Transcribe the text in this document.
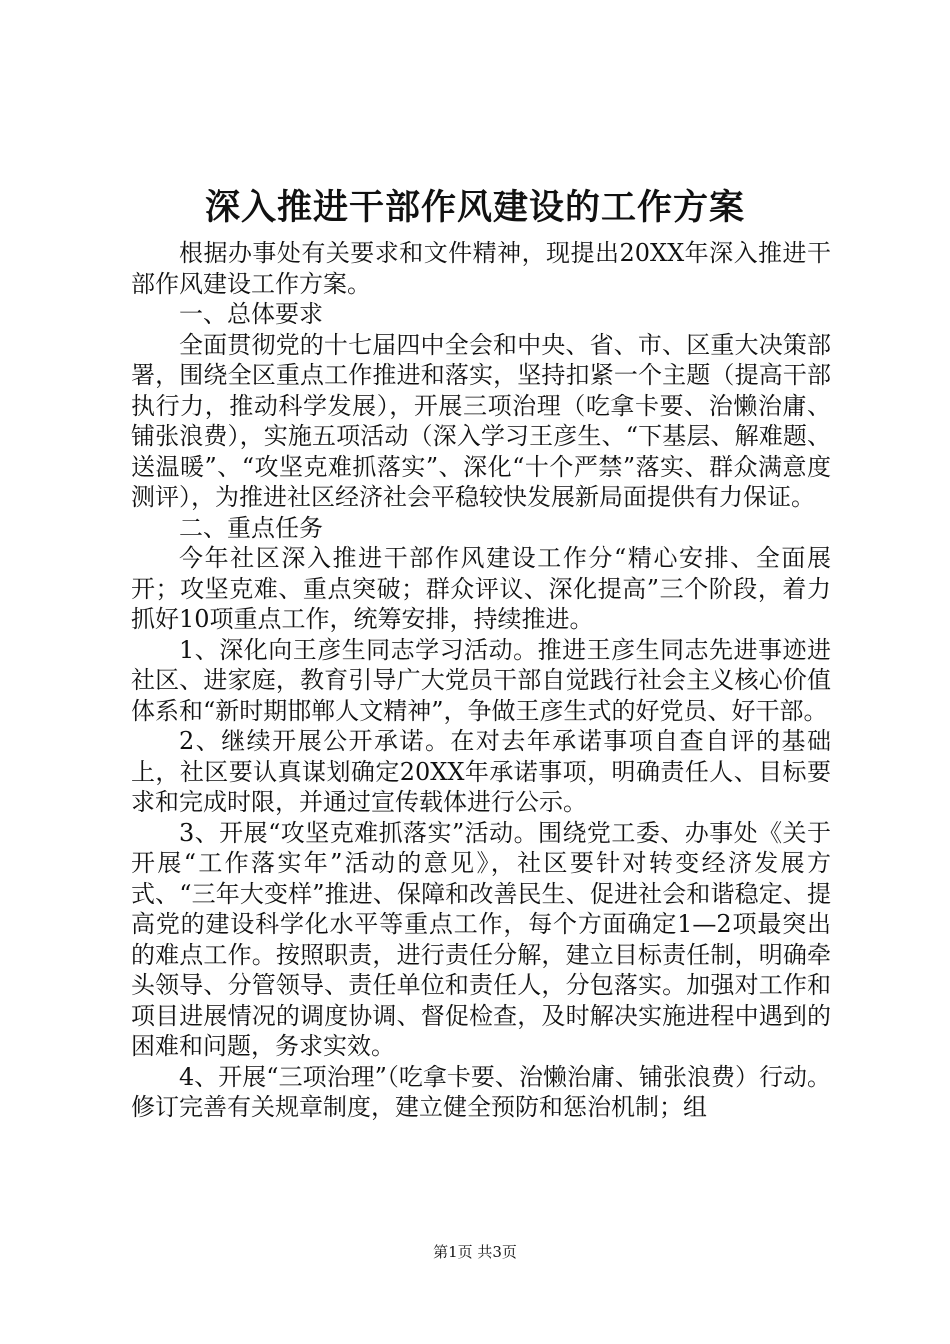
深入推进干部作风建设的工作方案

根据办事处有关要求和文件精神，现提出20XX年深入推进干部作风建设工作方案。

一、总体要求

全面贯彻党的十七届四中全会和中央、省、市、区重大决策部署，围绕全区重点工作推进和落实，坚持扣紧一个主题（提高干部执行力，推动科学发展），开展三项治理（吃拿卡要、治懒治庸、铺张浪费），实施五项活动（深入学习王彦生、“下基层、解难题、送温暖”、“攻坚克难抓落实”、深化“十个严禁”落实、群众满意度测评），为推进社区经济社会平稳较快发展新局面提供有力保证。

二、重点任务

今年社区深入推进干部作风建设工作分“精心安排、全面展开；攻坚克难、重点突破；群众评议、深化提高”三个阶段，着力抓好10项重点工作，统筹安排，持续推进。

1、深化向王彦生同志学习活动。推进王彦生同志先进事迹进社区、进家庭，教育引导广大党员干部自觉践行社会主义核心价值体系和“新时期邯郸人文精神”，争做王彦生式的好党员、好干部。

2、继续开展公开承诺。在对去年承诺事项自查自评的基础上，社区要认真谋划确定20XX年承诺事项，明确责任人、目标要求和完成时限，并通过宣传载体进行公示。

3、开展“攻坚克难抓落实”活动。围绕党工委、办事处《关于开展“工作落实年”活动的意见》，社区要针对转变经济发展方式、“三年大变样”推进、保障和改善民生、促进社会和谐稳定、提高党的建设科学化水平等重点工作，每个方面确定1—2项最突出的难点工作。按照职责，进行责任分解，建立目标责任制，明确牵头领导、分管领导、责任单位和责任人，分包落实。加强对工作和项目进展情况的调度协调、督促检查，及时解决实施进程中遇到的困难和问题，务求实效。

4、开展“三项治理”（吃拿卡要、治懒治庸、铺张浪费）行动。修订完善有关规章制度，建立健全预防和惩治机制；组

第1页 共3页
